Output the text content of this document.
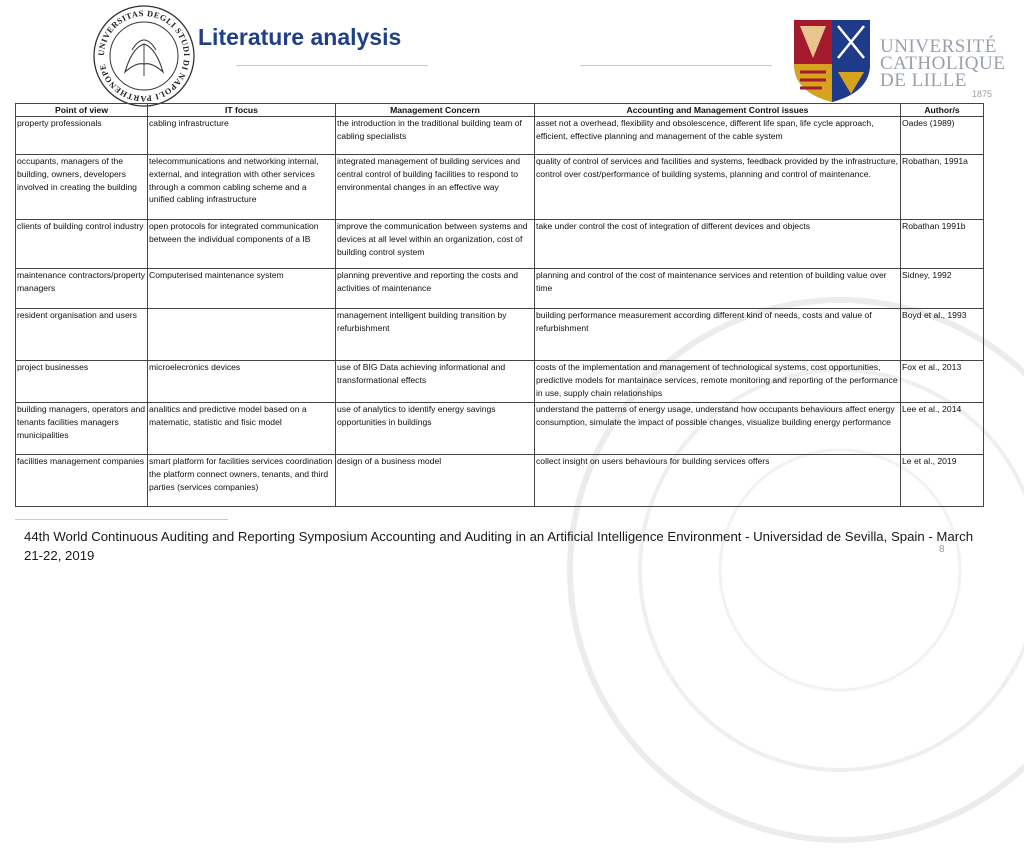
UNIVERSITAS DEGLI STUDI DI NAPOLI PARTHENOPE
Literature analysis	UNIVERSITÉ
CATHOLIQUE
DE LILLE
1875
Point of view	IT focus	Management Concern	Accounting and Management Control issues	Author/s
property professionals	cabling infrastructure	the introduction in the traditional building team of cabling specialists	asset not a overhead, flexibility and obsolescence, different life span, life cycle approach, efficient, effective planning and management of the cable system	Oades (1989)
occupants, managers of the building, owners, developers involved in creating the building	telecommunications and networking internal, external, and integration with other services through a common cabling scheme and a unified cabling infrastructure	integrated management of building services and central control of building facilities to respond to environmental changes in an effective way	quality of control of services and facilities and systems, feedback provided by the infrastructure, control over cost/performance of building systems, planning and control of maintenance.	Robathan, 1991a
clients of building control industry	open protocols for integrated communication between the individual components of a IB	improve the communication between systems and devices at all level within an organization, cost of building control system	take under control the cost of integration of different devices and objects	Robathan 1991b
maintenance contractors/property managers	Computerised maintenance system	planning preventive and reporting the costs and activities of maintenance	planning and control of the cost of maintenance services and retention of building value over time	Sidney, 1992
resident organisation and users		management intelligent building transition by refurbishment	building performance measurement according different kind of needs, costs and value of refurbishment	Boyd et al., 1993
project businesses	microelecronics devices	use of BIG Data achieving informational and transformational effects	costs of the implementation and management of technological systems, cost opportunities, predictive models for mantainace services, remote monitoring and reporting of the performance in use, supply chain relationships	Fox et al., 2013
building managers, operators and tenants facilities managers municipalities	analitics and predictive model based on a matematic, statistic and fisic model	use of analytics to identify energy savings opportunities in buildings	understand the patterns of energy usage, understand how occupants behaviours affect energy consumption, simulate the impact of possible changes, visualize building energy performance	Lee et al., 2014
facilities management companies	smart platform for facilities services coordination the platform connect owners, tenants, and third parties (services companies)	design of a business model	collect insight on users behaviours for building services offers	Le et al., 2019
44th World Continuous Auditing and Reporting Symposium Accounting and Auditing in an Artificial Intelligence Environment - Universidad de Sevilla, Spain - March 21-22, 2019	8
